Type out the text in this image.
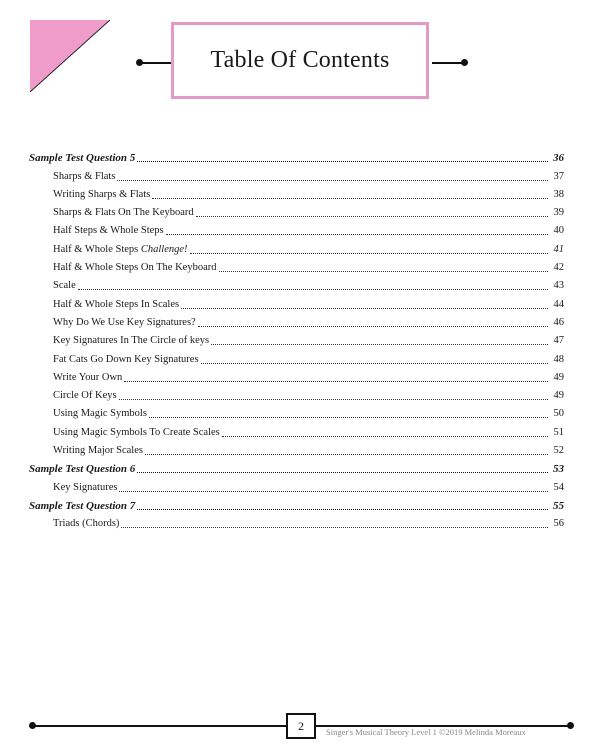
Table Of Contents
Sample Test Question 5	36
Sharps & Flats	37
Writing Sharps & Flats	38
Sharps & Flats On The Keyboard	39
Half Steps & Whole Steps	40
Half & Whole Steps Challenge!	41
Half & Whole Steps On The Keyboard	42
Scale	43
Half & Whole Steps In Scales	44
Why Do We Use Key Signatures?	46
Key Signatures In The Circle of keys	47
Fat Cats Go Down Key Signatures	48
Write Your Own	49
Circle Of Keys	49
Using Magic Symbols	50
Using Magic Symbols To Create Scales	51
Writing Major Scales	52
Sample Test Question 6	53
Key Signatures	54
Sample Test Question 7	55
Triads (Chords)	56
2	Singer's Musical Theory Level 1 ©2019 Melinda Moreaux
